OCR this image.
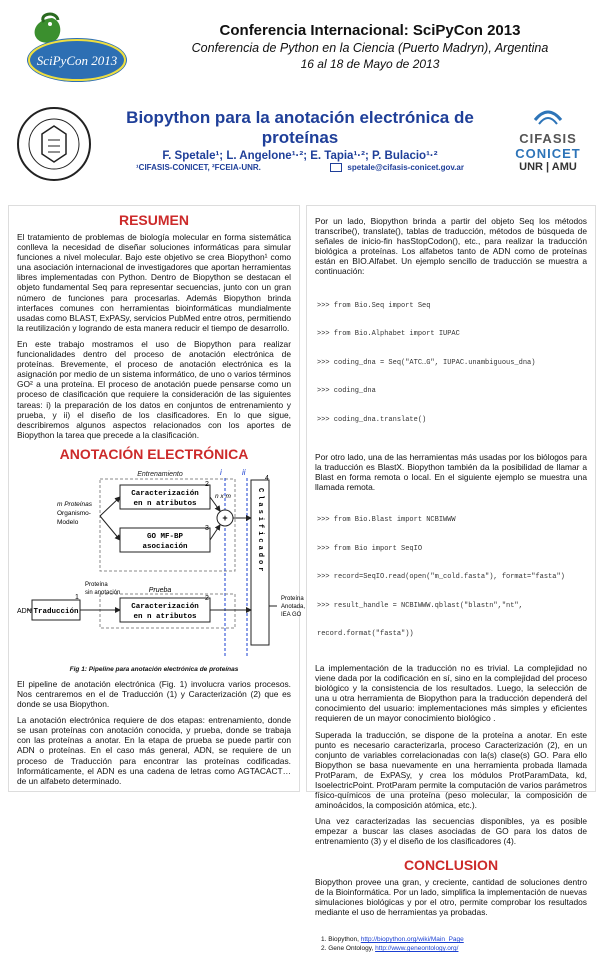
SciPyCon 2013
Conferencia Internacional: SciPyCon 2013
Conferencia de Python en la Ciencia (Puerto Madryn), Argentina
16 al 18 de Mayo de 2013
Biopython para la anotación electrónica de
proteínas
F. Spetale¹; L. Angelone¹·²; E. Tapia¹·²; P. Bulacio¹·²
¹CIFASIS-CONICET, ²FCEIA-UNR.	spetale@cifasis-conicet.gov.ar
CIFASIS
CONICET
UNR | AMU
RESUMEN

El tratamiento de problemas de biología molecular en forma sistemática conlleva la necesidad de diseñar soluciones informáticas para simular funciones a nivel molecular. Bajo este objetivo se crea Biopython¹ como una asociación internacional de investigadores que aportan herramientas libres implementadas con Python. Dentro de Biopython se destacan el objeto fundamental Seq para representar secuencias, junto con un gran número de funciones para procesarlas. Además Biopython brinda interfaces comunes con herramientas bioinformáticas mundialmente usadas como BLAST, ExPASy, servicios PubMed entre otros, permitiendo la reutilización y logrando de esta manera reducir el tiempo de desarrollo.

En este trabajo mostramos el uso de Biopython para realizar funcionalidades dentro del proceso de anotación electrónica de proteínas. Brevemente, el proceso de anotación electrónica es la asignación por medio de un sistema informático, de uno o varios términos GO² a una proteína. El proceso de anotación puede pensarse como un proceso de clasificación que requiere la consideración de las siguientes tareas: i) la preparación de los datos en conjuntos de entrenamiento y prueba, y ii) el diseño de los clasificadores. En lo que sigue, describiremos algunos aspectos relacionados con los aportes de Biopython la tarea que precede a la clasificación.

ANOTACIÓN ELECTRÓNICA
Entrenamiento	i	ii
Caracterización
en n atributos
2
n x m
GO MF-BP
asociación
3
+
m Proteínas
Organismo-
Modelo
4
Clasificador
Prueba
Traducción
1
ADN
Proteína
sin anotación
Caracterización
en n atributos
2	Proteína
Anotada,
IEA GO
Fig 1: Pipeline para anotación electrónica de proteínas

El pipeline de anotación electrónica (Fig. 1) involucra varios procesos. Nos centraremos en el de Traducción (1) y Caracterización (2) que es donde se usa Biopython.

La anotación electrónica requiere de dos etapas: entrenamiento, donde se usan proteínas con anotación conocida, y prueba, donde se trabaja con las proteínas a anotar. En la etapa de prueba se puede partir con ADN o proteínas. En el caso más general, ADN, se requiere de un proceso de Traducción para encontrar las proteínas codificadas. Informáticamente, el ADN es una cadena de letras como AGTACACT… de un alfabeto determinado.

Por un lado, Biopython brinda a partir del objeto Seq los métodos transcribe(), translate(), tablas de traducción, métodos de búsqueda de señales de inicio-fin hasStopCodon(), etc., para realizar la traducción biológica a proteínas. Los alfabetos tanto de ADN como de proteínas están en BIO.Alfabet. Un ejemplo sencillo de traducción se muestra a continuación:

>>> from Bio.Seq import Seq

>>> from Bio.Alphabet import IUPAC

>>> coding_dna = Seq("ATC…G", IUPAC.unambiguous_dna)

>>> coding_dna

>>> coding_dna.translate()

Por otro lado, una de las herramientas más usadas por los biólogos para la traducción es BlastX. Biopython también da la posibilidad de llamar a Blast en forma remota o local. En el siguiente ejemplo se muestra una llamada remota.

>>> from Bio.Blast import NCBIWWW

>>> from Bio import SeqIO

>>> record=SeqIO.read(open("m_cold.fasta"), format="fasta")

>>> result_handle = NCBIWWW.qblast("blastn","nt",

record.format("fasta"))

La implementación de la traducción no es trivial. La complejidad no viene dada por la codificación en sí, sino en la complejidad del proceso biológico y la consistencia de los resultados. Luego, la selección de una u otra herramienta de Biopython para la traducción dependerá del conocimiento del usuario: implementaciones más simples y eficientes requieren de un mayor conocimiento biológico .

Superada la traducción, se dispone de la proteína a anotar. En este punto es necesario caracterizarla, proceso Caracterización (2), en un conjunto de variables correlacionadas con la(s) clase(s) GO. Para ello Biopython se basa nuevamente en una herramienta probada llamada ProtParam, de ExPASy, y crea los módulos ProtParamData, kd, IsoelectricPoint. ProtParam permite la computación de varios parámetros físico-químicos de una proteína (peso molecular, la composición de aminoácidos, la composición atómica, etc.).

Una vez caracterizadas las secuencias disponibles, ya es posible empezar a buscar las clases asociadas de GO para los datos de entrenamiento (3) y el diseño de los clasificadores (4).

CONCLUSION

Biopython provee una gran, y creciente, cantidad de soluciones dentro de la Bioinformática. Por un lado, simplifica la implementación de nuevas simulaciones biológicas y por el otro, permite comprobar los resultados mediante el uso de herramientas ya probadas.

1. Biopython, http://biopython.org/wiki/Main_Page
2. Gene Ontology, http://www.geneontology.org/
